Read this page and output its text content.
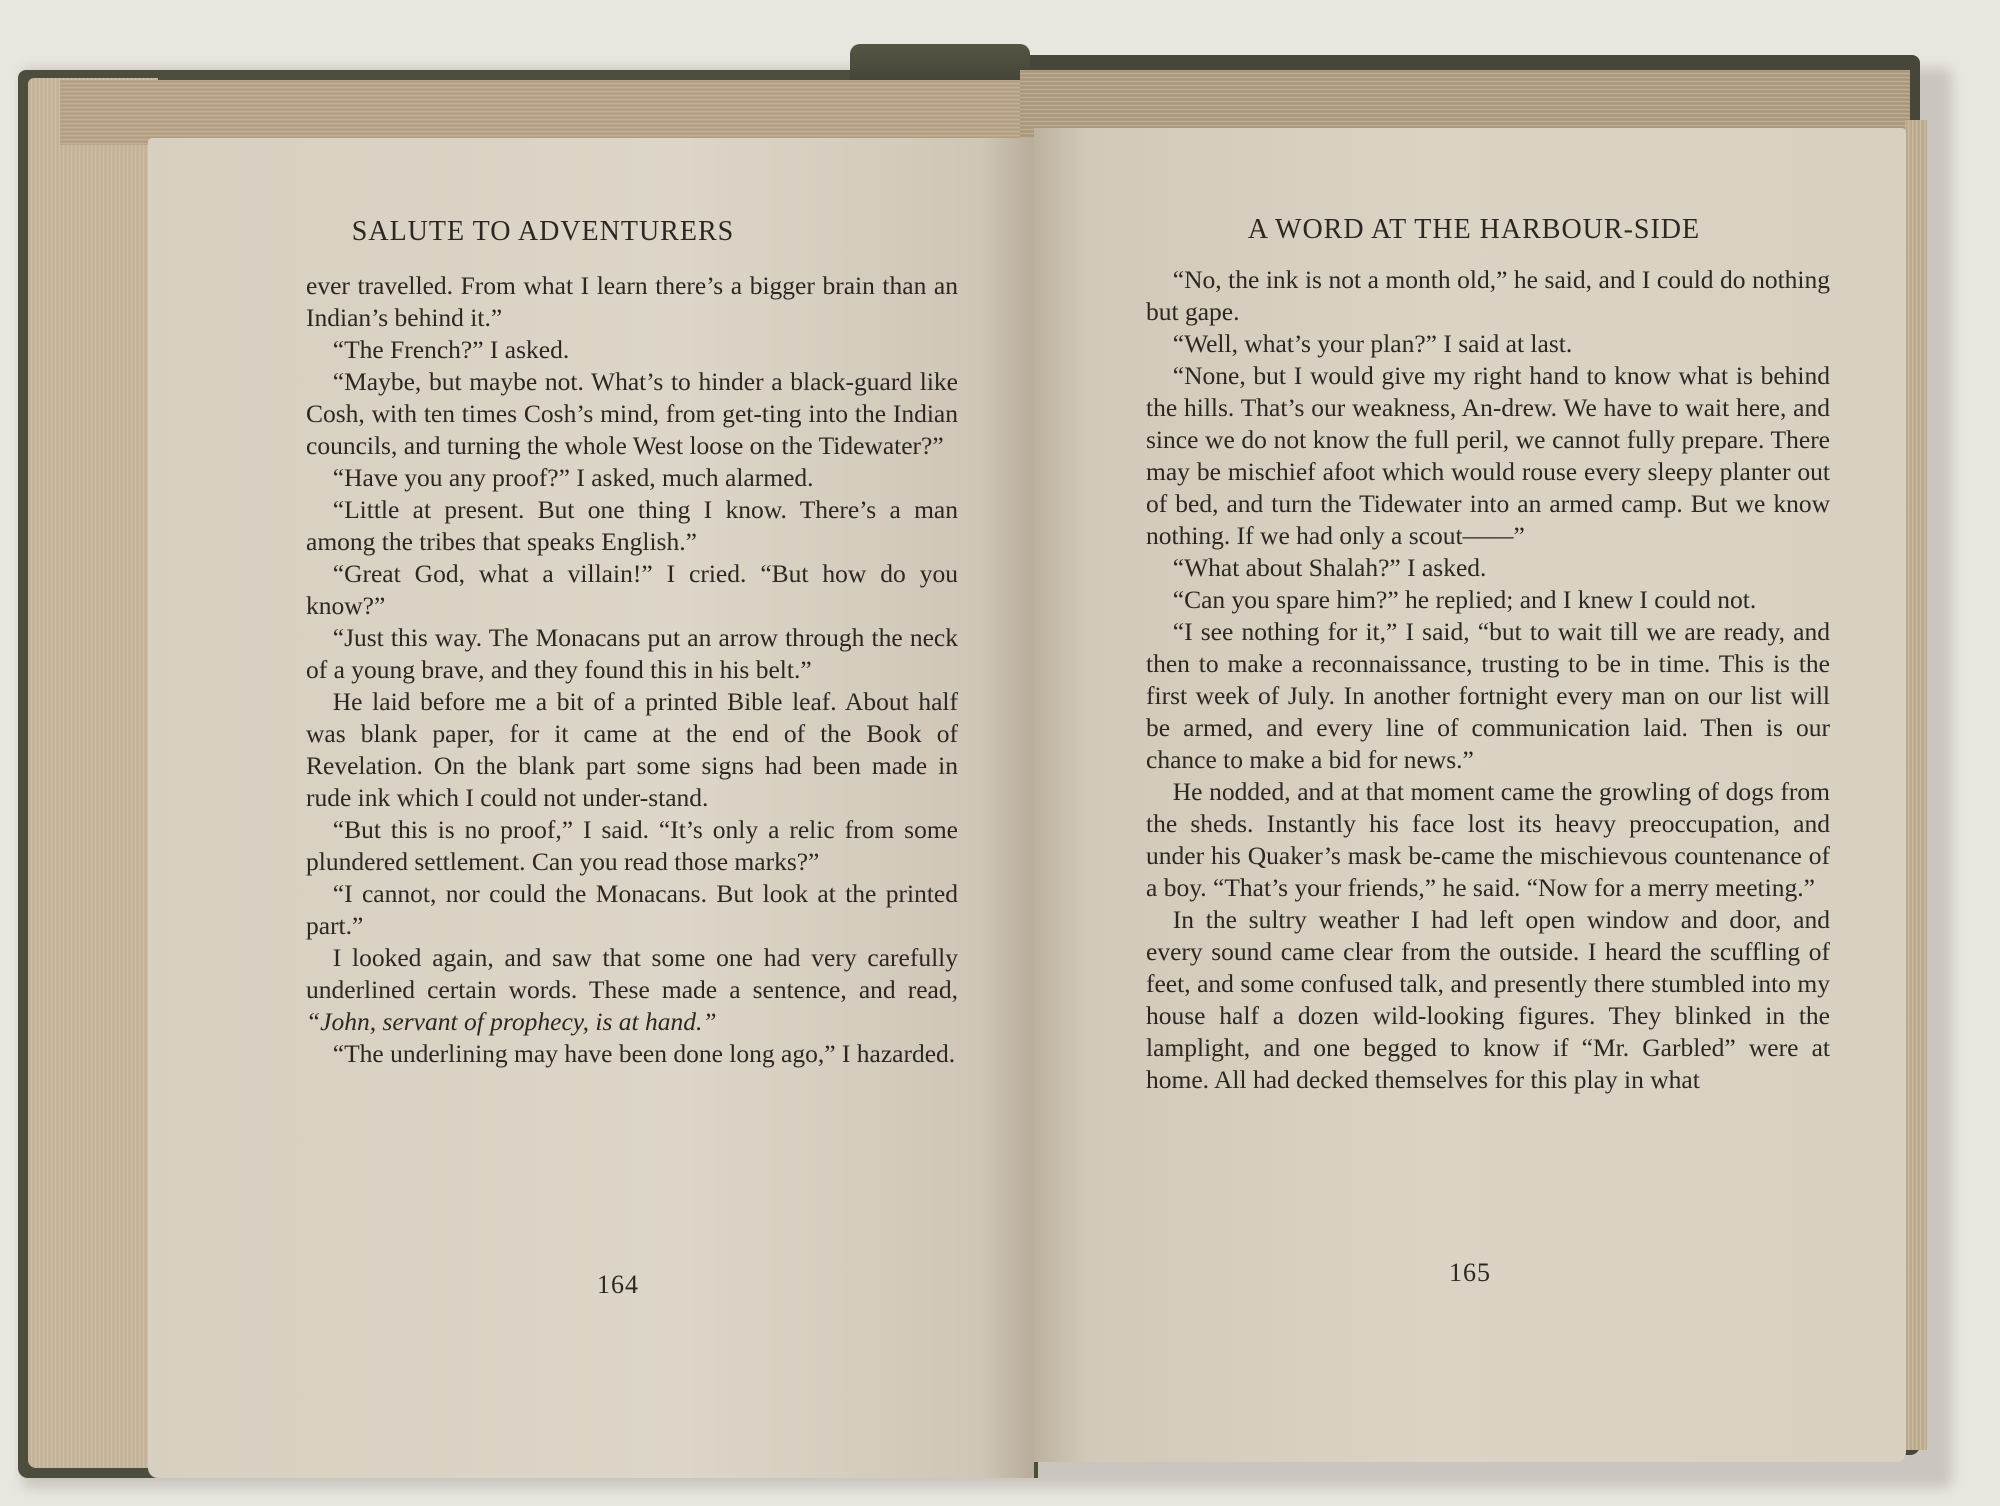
SALUTE TO ADVENTURERS

ever travelled. From what I learn there’s a bigger brain than an Indian’s behind it.”

“The French?” I asked.

“Maybe, but maybe not. What’s to hinder a black-guard like Cosh, with ten times Cosh’s mind, from get-ting into the Indian councils, and turning the whole West loose on the Tidewater?”

“Have you any proof?” I asked, much alarmed.

“Little at present. But one thing I know. There’s a man among the tribes that speaks English.”

“Great God, what a villain!” I cried. “But how do you know?”

“Just this way. The Monacans put an arrow through the neck of a young brave, and they found this in his belt.”

He laid before me a bit of a printed Bible leaf. About half was blank paper, for it came at the end of the Book of Revelation. On the blank part some signs had been made in rude ink which I could not under-stand.

“But this is no proof,” I said. “It’s only a relic from some plundered settlement. Can you read those marks?”

“I cannot, nor could the Monacans. But look at the printed part.”

I looked again, and saw that some one had very carefully underlined certain words. These made a sentence, and read, “John, servant of prophecy, is at hand.”

“The underlining may have been done long ago,” I hazarded.

164
A WORD AT THE HARBOUR-SIDE

“No, the ink is not a month old,” he said, and I could do nothing but gape.

“Well, what’s your plan?” I said at last.

“None, but I would give my right hand to know what is behind the hills. That’s our weakness, An-drew. We have to wait here, and since we do not know the full peril, we cannot fully prepare. There may be mischief afoot which would rouse every sleepy planter out of bed, and turn the Tidewater into an armed camp. But we know nothing. If we had only a scout——”

“What about Shalah?” I asked.

“Can you spare him?” he replied; and I knew I could not.

“I see nothing for it,” I said, “but to wait till we are ready, and then to make a reconnaissance, trusting to be in time. This is the first week of July. In another fortnight every man on our list will be armed, and every line of communication laid. Then is our chance to make a bid for news.”

He nodded, and at that moment came the growling of dogs from the sheds. Instantly his face lost its heavy preoccupation, and under his Quaker’s mask be-came the mischievous countenance of a boy. “That’s your friends,” he said. “Now for a merry meeting.”

In the sultry weather I had left open window and door, and every sound came clear from the outside. I heard the scuffling of feet, and some confused talk, and presently there stumbled into my house half a dozen wild-looking figures. They blinked in the lamplight, and one begged to know if “Mr. Garbled” were at home. All had decked themselves for this play in what

165
